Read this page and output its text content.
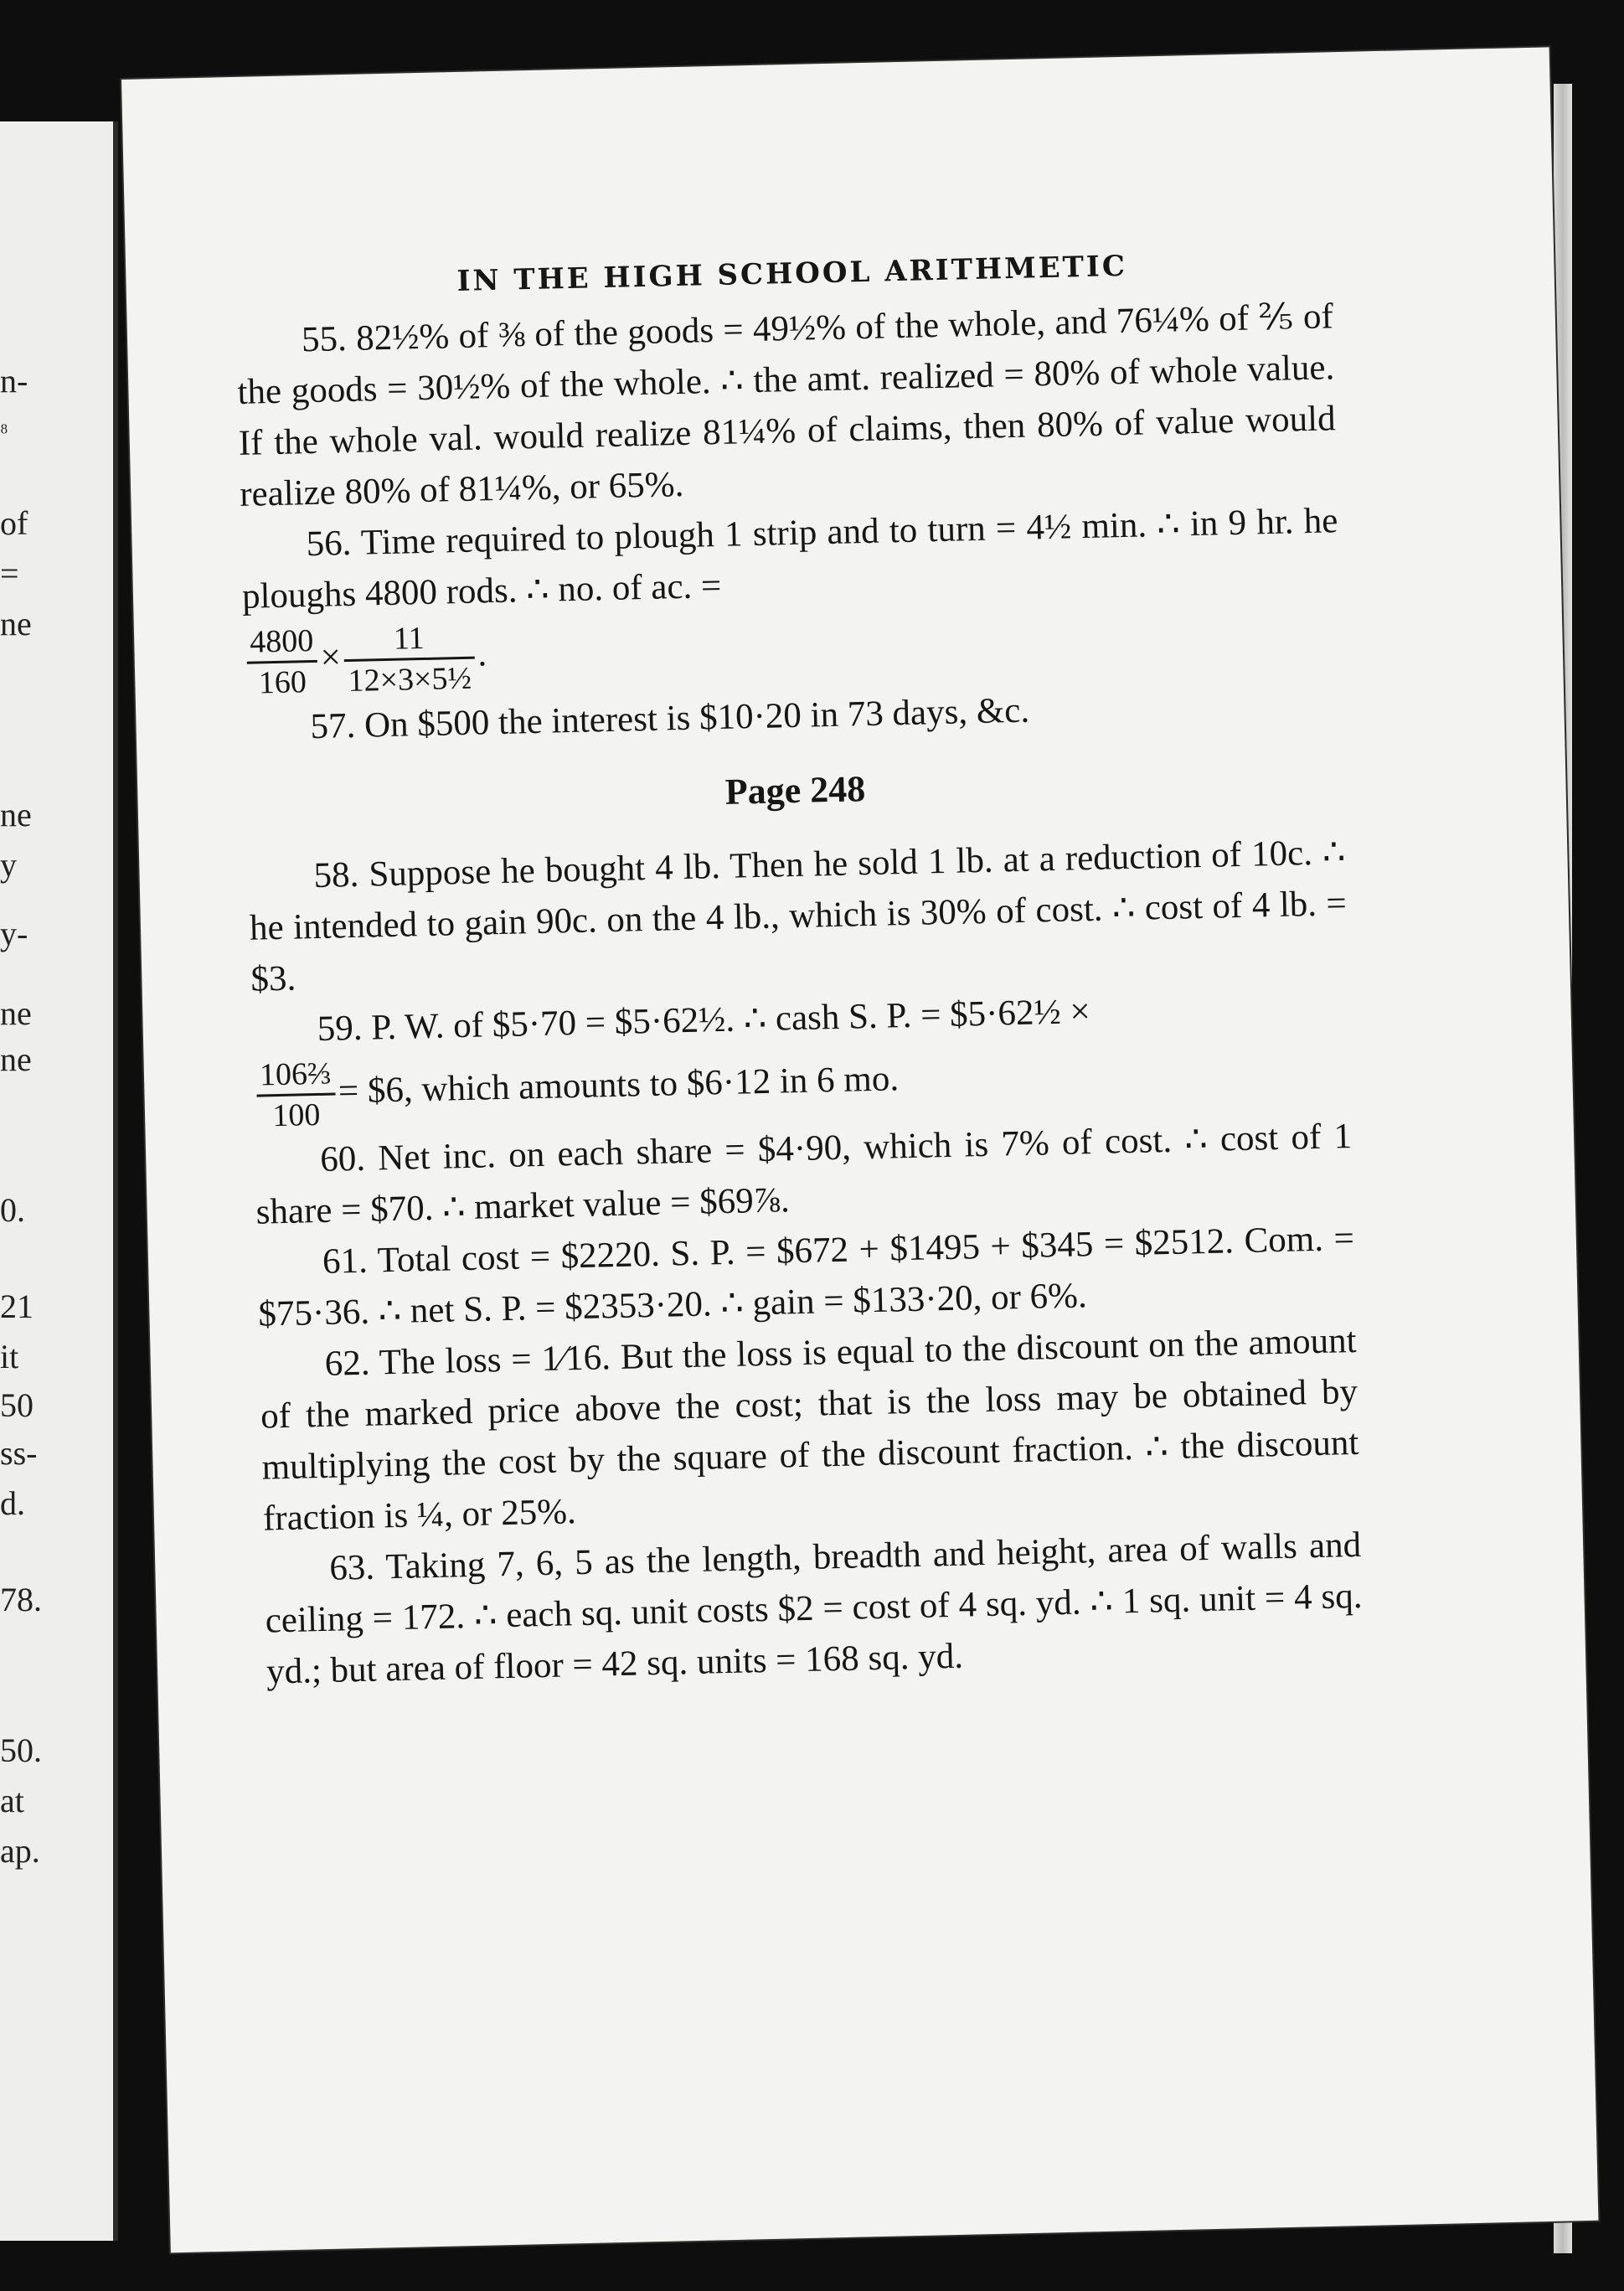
n-
₈
of
=
ne
ne
y
y-
ne
ne
0.
21
it
50
ss-
d.
78.
50.
at
ap.
IN THE HIGH SCHOOL ARITHMETIC

55. 82½% of ⅜ of the goods = 49½% of the whole, and 76¼% of ⅖ of the goods = 30½% of the whole. ∴ the amt. realized = 80% of whole value. If the whole val. would realize 81¼% of claims, then 80% of value would realize 80% of 81¼%, or 65%.

56. Time required to plough 1 strip and to turn = 4½ min. ∴ in 9 hr. he ploughs 4800 rods. ∴ no. of ac. =

$\frac{4800}{160} \times \frac{11}{\text{12×3×5½}}$ .

57. On $500 the interest is $10·20 in 73 days, &c.

Page 248

58. Suppose he bought 4 lb. Then he sold 1 lb. at a reduction of 10c. ∴ he intended to gain 90c. on the 4 lb., which is 30% of cost. ∴ cost of 4 lb. = $3.

59. P. W. of $5·70 = $5·62½. ∴ cash S. P. = $5·62½ ×

$\frac{\text{106⅔}}{100}$ = $6, which amounts to $6·12 in 6 mo.

60. Net inc. on each share = $4·90, which is 7% of cost. ∴ cost of 1 share = $70. ∴ market value = $69⅞.

61. Total cost = $2220. S. P. = $672 + $1495 + $345 = $2512. Com. = $75·36. ∴ net S. P. = $2353·20. ∴ gain = $133·20, or 6%.

62. The loss = 1⁄16. But the loss is equal to the discount on the amount of the marked price above the cost; that is the loss may be obtained by multiplying the cost by the square of the discount fraction. ∴ the discount fraction is ¼, or 25%.

63. Taking 7, 6, 5 as the length, breadth and height, area of walls and ceiling = 172. ∴ each sq. unit costs $2 = cost of 4 sq. yd. ∴ 1 sq. unit = 4 sq. yd.; but area of floor = 42 sq. units = 168 sq. yd.
